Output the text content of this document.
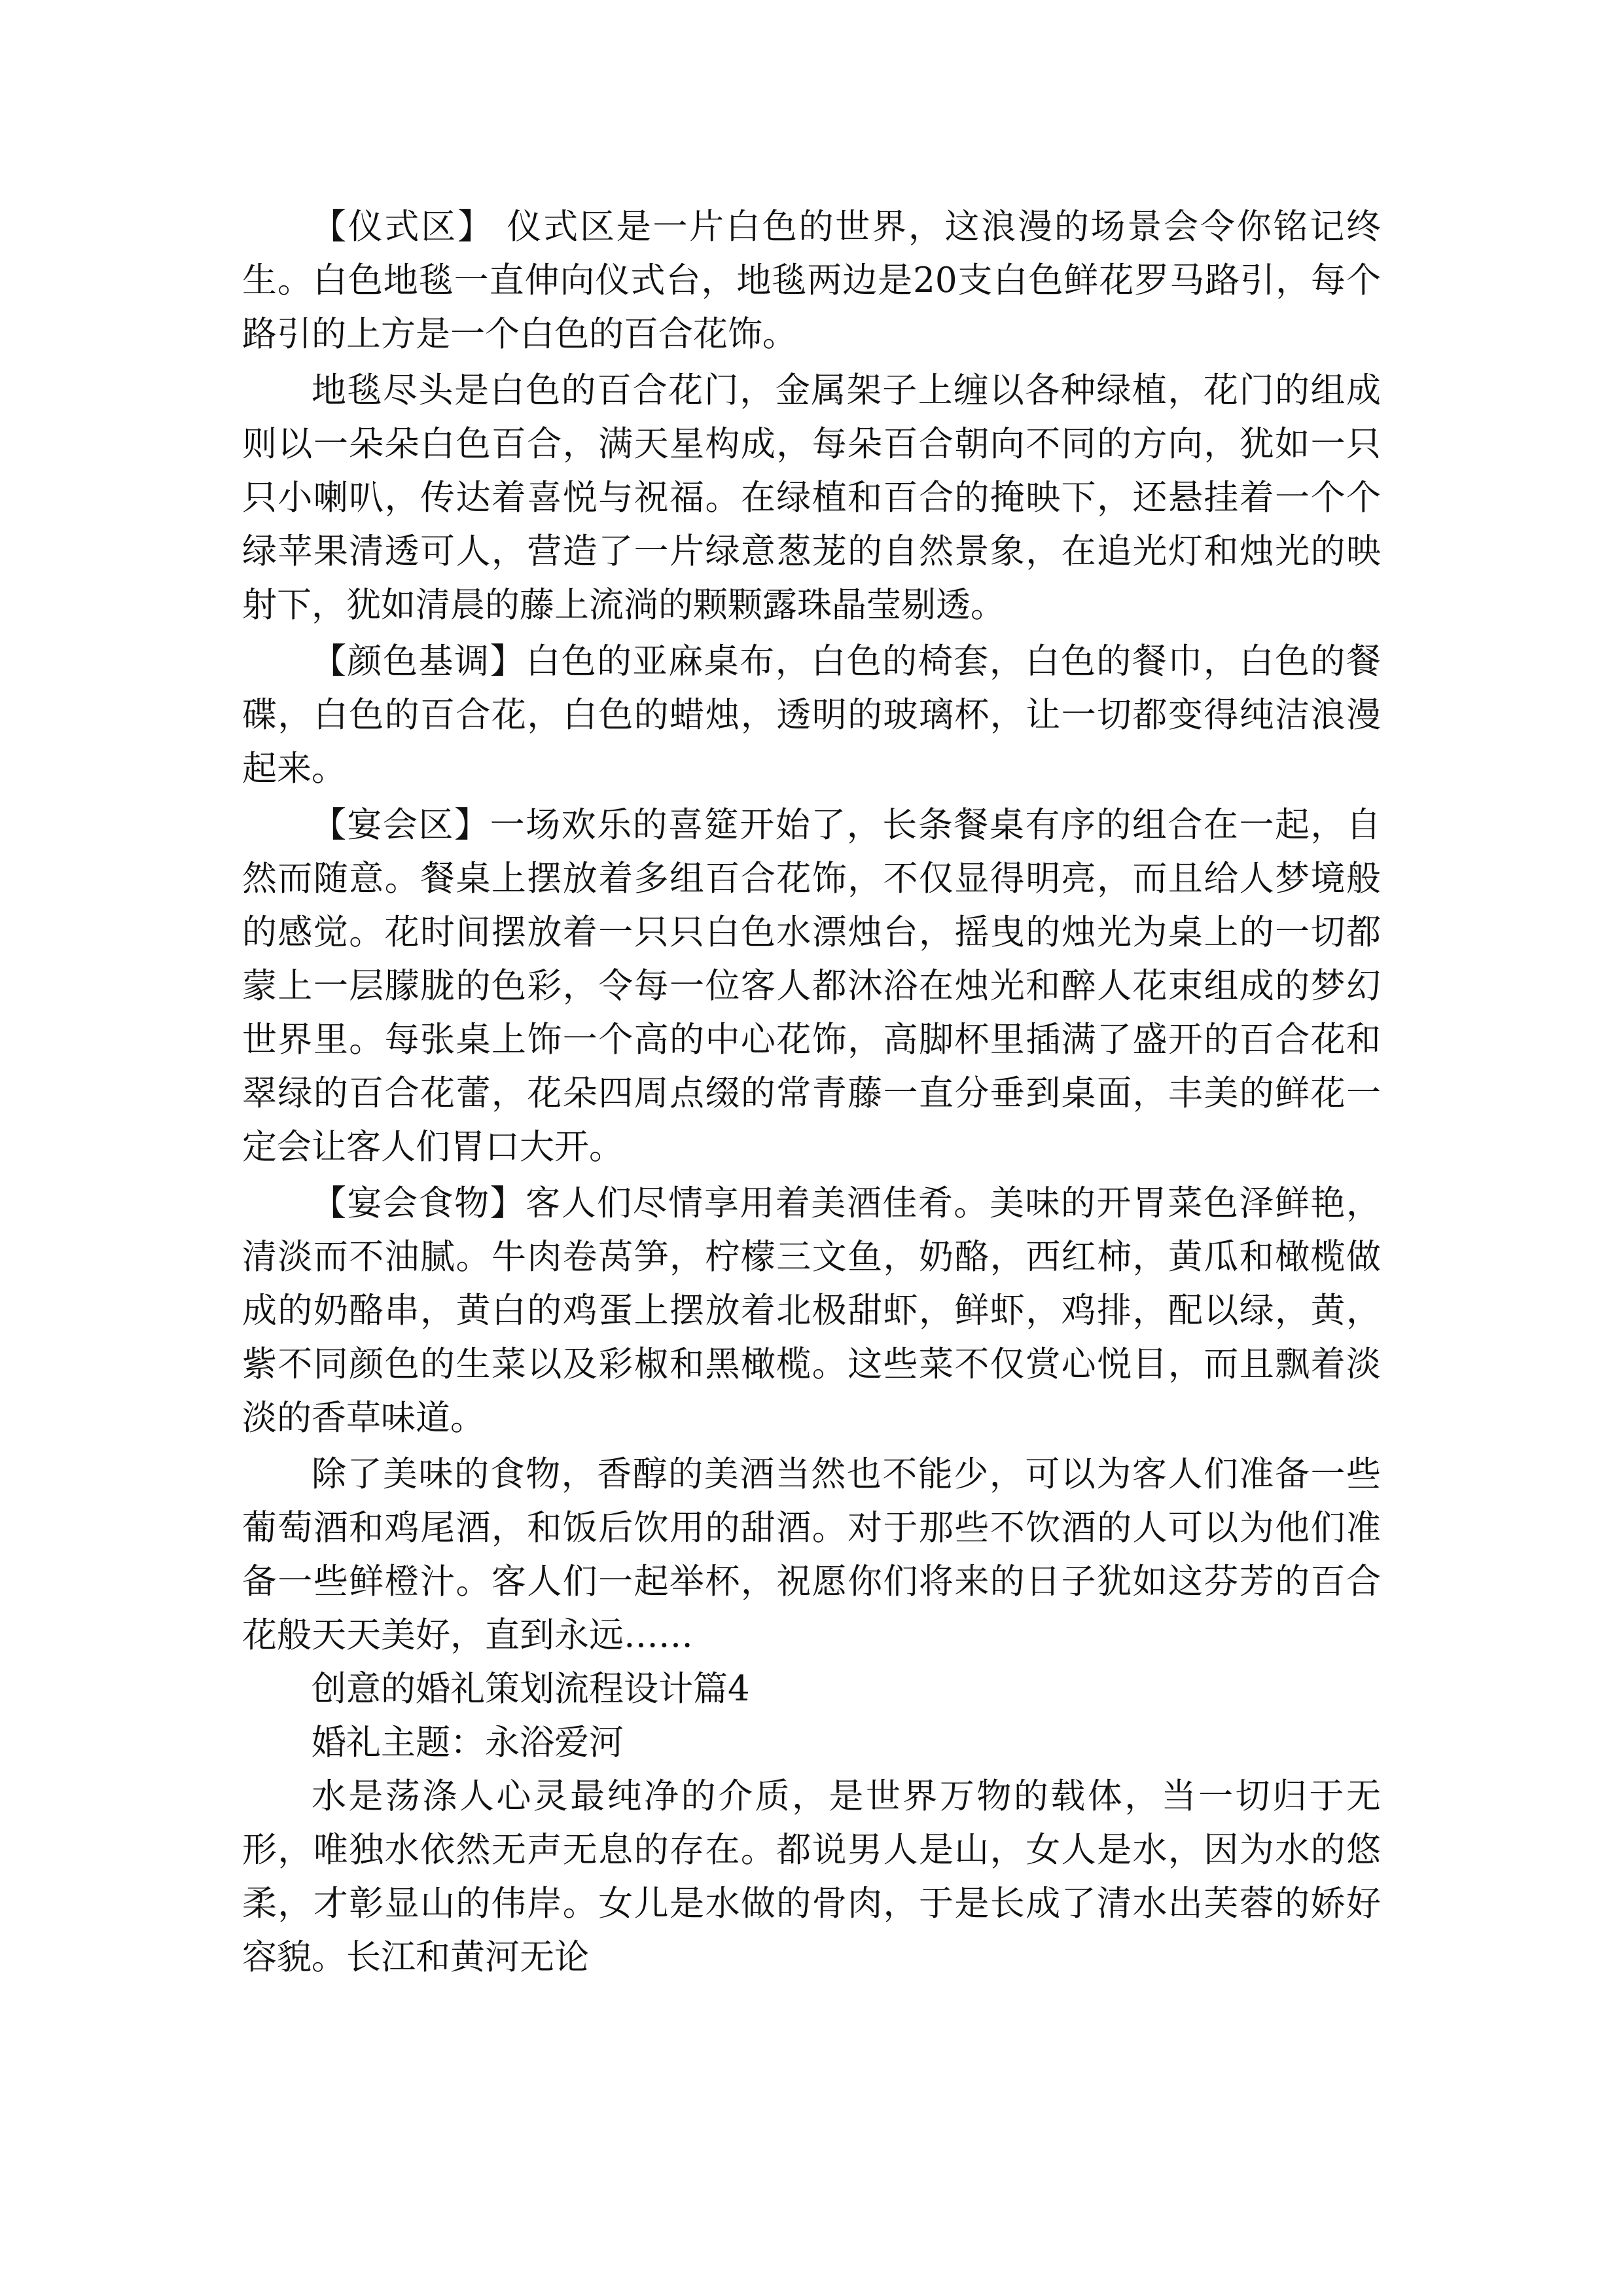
【仪式区】 仪式区是一片白色的世界，这浪漫的场景会令你铭记终生。白色地毯一直伸向仪式台，地毯两边是20支白色鲜花罗马路引，每个路引的上方是一个白色的百合花饰。

地毯尽头是白色的百合花门，金属架子上缠以各种绿植，花门的组成则以一朵朵白色百合，满天星构成，每朵百合朝向不同的方向，犹如一只只小喇叭，传达着喜悦与祝福。在绿植和百合的掩映下，还悬挂着一个个绿苹果清透可人，营造了一片绿意葱茏的自然景象，在追光灯和烛光的映射下，犹如清晨的藤上流淌的颗颗露珠晶莹剔透。

【颜色基调】白色的亚麻桌布，白色的椅套，白色的餐巾，白色的餐碟，白色的百合花，白色的蜡烛，透明的玻璃杯，让一切都变得纯洁浪漫起来。

【宴会区】一场欢乐的喜筵开始了，长条餐桌有序的组合在一起，自然而随意。餐桌上摆放着多组百合花饰，不仅显得明亮，而且给人梦境般的感觉。花时间摆放着一只只白色水漂烛台，摇曳的烛光为桌上的一切都蒙上一层朦胧的色彩，令每一位客人都沐浴在烛光和醉人花束组成的梦幻世界里。每张桌上饰一个高的中心花饰，高脚杯里插满了盛开的百合花和翠绿的百合花蕾，花朵四周点缀的常青藤一直分垂到桌面，丰美的鲜花一定会让客人们胃口大开。

【宴会食物】客人们尽情享用着美酒佳肴。美味的开胃菜色泽鲜艳，清淡而不油腻。牛肉卷莴笋，柠檬三文鱼，奶酪，西红柿，黄瓜和橄榄做成的奶酪串，黄白的鸡蛋上摆放着北极甜虾，鲜虾，鸡排，配以绿，黄，紫不同颜色的生菜以及彩椒和黑橄榄。这些菜不仅赏心悦目，而且飘着淡淡的香草味道。

除了美味的食物，香醇的美酒当然也不能少，可以为客人们准备一些葡萄酒和鸡尾酒，和饭后饮用的甜酒。对于那些不饮酒的人可以为他们准备一些鲜橙汁。客人们一起举杯，祝愿你们将来的日子犹如这芬芳的百合花般天天美好，直到永远……

创意的婚礼策划流程设计篇4

婚礼主题：永浴爱河

水是荡涤人心灵最纯净的介质，是世界万物的载体，当一切归于无形，唯独水依然无声无息的存在。都说男人是山，女人是水，因为水的悠柔，才彰显山的伟岸。女儿是水做的骨肉，于是长成了清水出芙蓉的娇好容貌。长江和黄河无论
